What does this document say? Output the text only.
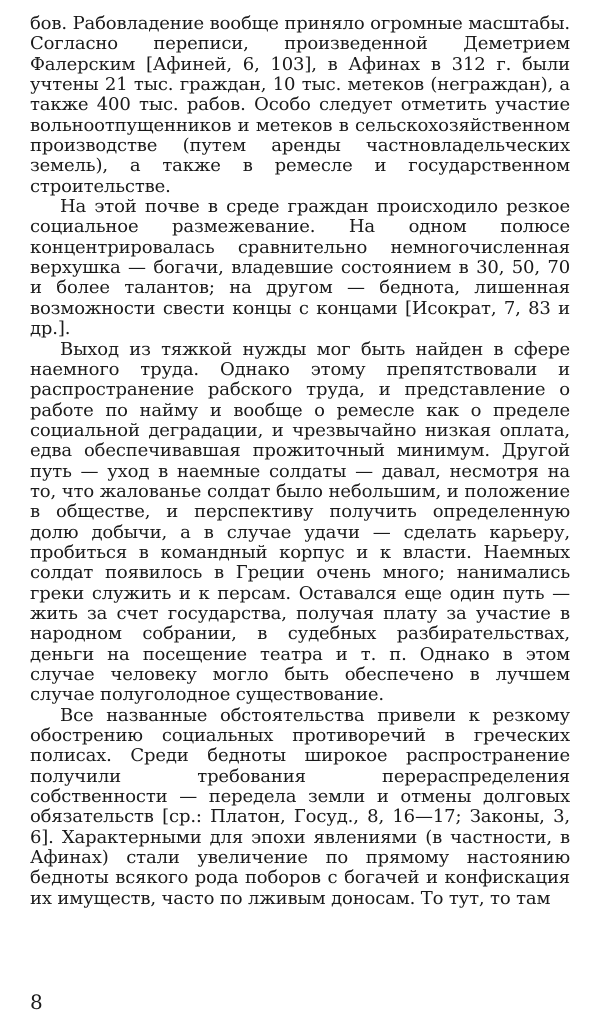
бов. Рабовладение вообще приняло огромные масштабы. Согласно переписи, произведенной Деметрием Фалерским [Афиней, 6, 103], в Афинах в 312 г. были учтены 21 тыс. граждан, 10 тыс. метеков (неграждан), а также 400 тыс. рабов. Особо следует отметить участие вольноотпущенников и метеков в сельскохозяйственном производстве (путем аренды частновладельческих земель), а также в ремесле и государственном строительстве.

На этой почве в среде граждан происходило резкое социальное размежевание. На одном полюсе концентрировалась сравнительно немногочисленная верхушка — богачи, владевшие состоянием в 30, 50, 70 и более талантов; на другом — беднота, лишенная возможности свести концы с концами [Исократ, 7, 83 и др.].

Выход из тяжкой нужды мог быть найден в сфере наемного труда. Однако этому препятствовали и распространение рабского труда, и представление о работе по найму и вообще о ремесле как о пределе социальной деградации, и чрезвычайно низкая оплата, едва обеспечивавшая прожиточный минимум. Другой путь — уход в наемные солдаты — давал, несмотря на то, что жалованье солдат было небольшим, и положение в обществе, и перспективу получить определенную долю добычи, а в случае удачи — сделать карьеру, пробиться в командный корпус и к власти. Наемных солдат появилось в Греции очень много; нанимались греки служить и к персам. Оставался еще один путь — жить за счет государства, получая плату за участие в народном собрании, в судебных разбирательствах, деньги на посещение театра и т. п. Однако в этом случае человеку могло быть обеспечено в лучшем случае полуголодное существование.

Все названные обстоятельства привели к резкому обострению социальных противоречий в греческих полисах. Среди бедноты широкое распространение получили требования перераспределения собственности — передела земли и отмены долговых обязательств [ср.: Платон, Госуд., 8, 16—17; Законы, 3, 6]. Характерными для эпохи явлениями (в частности, в Афинах) стали увеличение по прямому настоянию бедноты всякого рода поборов с богачей и конфискация их имуществ, часто по лживым доносам. То тут, то там

8
